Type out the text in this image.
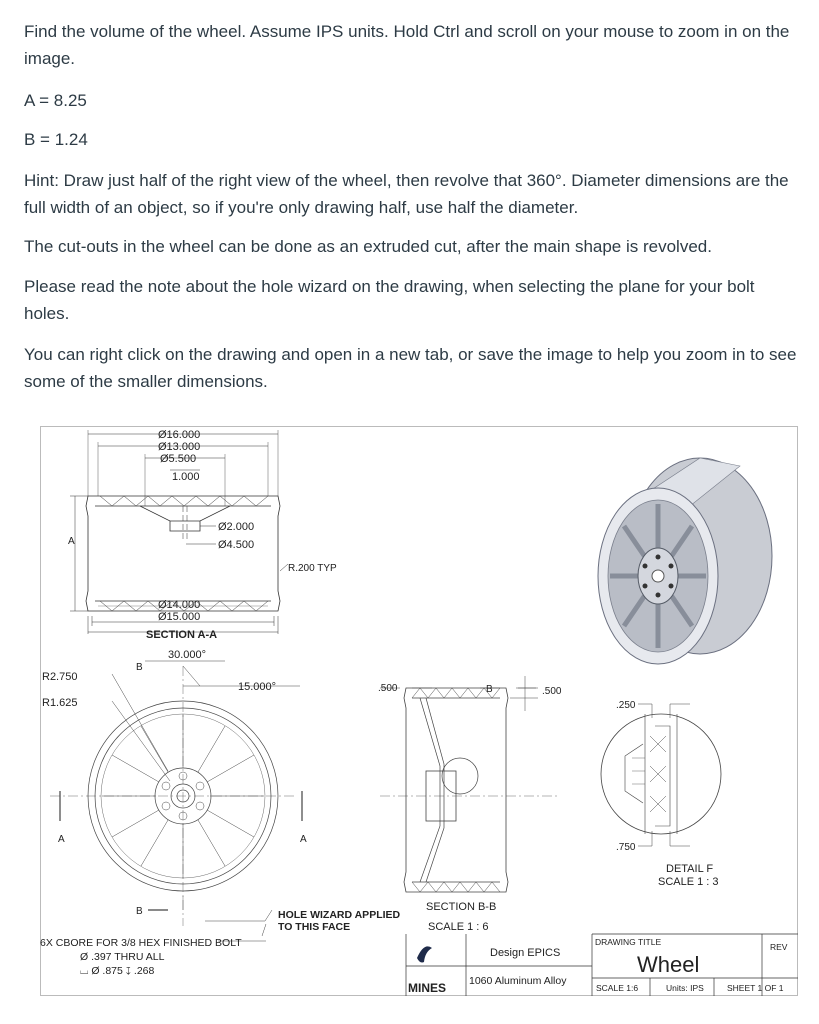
Find the volume of the wheel. Assume IPS units. Hold Ctrl and scroll on your mouse to zoom in on the image.

A = 8.25

B = 1.24

Hint: Draw just half of the right view of the wheel, then revolve that 360°. Diameter dimensions are the full width of an object, so if you're only drawing half, use half the diameter.

The cut-outs in the wheel can be done as an extruded cut, after the main shape is revolved.

Please read the note about the hole wizard on the drawing, when selecting the plane for your bolt holes.

You can right click on the drawing and open in a new tab, or save the image to help you zoom in to see some of the smaller dimensions.

Ø16.000
Ø13.000
Ø5.500
1.000
Ø2.000
Ø4.500
R.200 TYP
Ø14.000
Ø15.000
A
SECTION A-A
30.000°
15.000°
R2.750
R1.625
B
B
A	A
.500	B	.500
SECTION B-B
SCALE 1 : 6
.250
.750
DETAIL F
SCALE 1 : 3
HOLE WIZARD APPLIED
TO THIS FACE
6X CBORE FOR 3/8 HEX FINISHED BOLT
Ø .397 THRU ALL
⌴ Ø .875 ↧ .268
MINES
Design EPICS
1060 Aluminum Alloy
DRAWING TITLE
Wheel
REV
SCALE 1:6	Units: IPS	SHEET 1 OF 1
